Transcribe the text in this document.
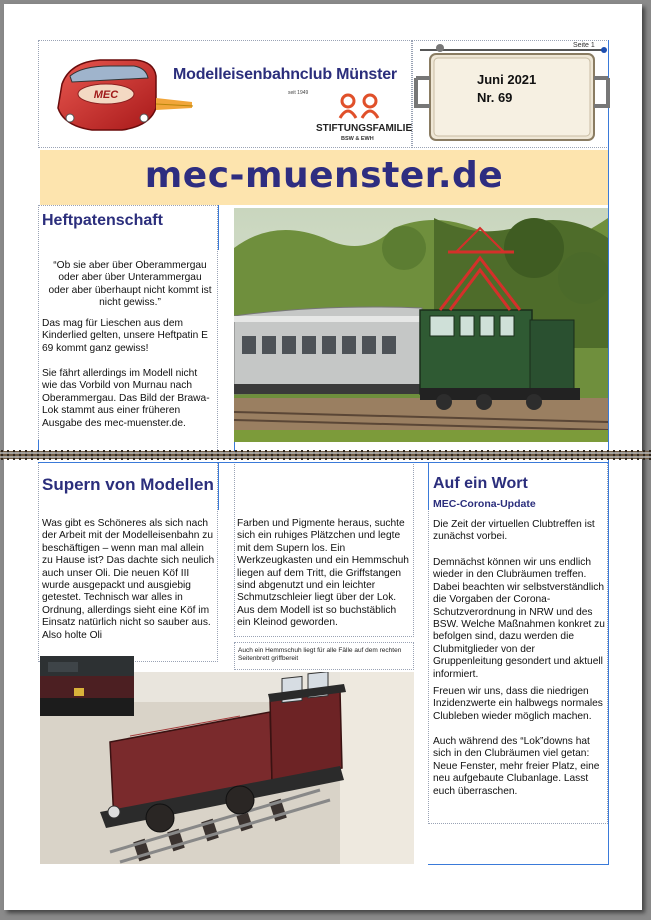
MEC
Modelleisenbahnclub Münster
seit 1949
STIFTUNGSFAMILIE
BSW & EWH
Seite 1
Juni 2021
Nr. 69
mec-muenster.de
Heftpatenschaft
“Ob sie aber über Oberammergau oder aber über Unterammergau oder aber überhaupt nicht kommt ist nicht gewiss.”
Das mag für Lieschen aus dem Kinderlied gelten, unsere Heftpatin E 69 kommt ganz gewiss!
Sie fährt allerdings im Modell nicht wie das Vorbild von Murnau nach Oberammergau. Das Bild der Brawa-Lok stammt aus einer früheren Ausgabe des mec-muenster.de.
Supern von Modellen
Was gibt es Schöneres als sich nach der Arbeit mit der Modelleisenbahn zu beschäftigen – wenn man mal allein zu Hause ist? Das dachte sich neulich auch unser Oli. Die neuen Köf III wurde ausgepackt und ausgiebig getestet. Technisch war alles in Ordnung, allerdings sieht eine Köf im Einsatz natürlich nicht so sauber aus. Also holte Oli
Farben und Pigmente heraus, suchte sich ein ruhiges Plätzchen und legte mit dem Supern los. Ein Werkzeugkasten und ein Hemmschuh liegen auf dem Tritt, die Griffstangen sind abgenutzt und ein leichter Schmutzschleier liegt über der Lok. Aus dem Modell ist so buchstäblich ein Kleinod geworden.
Auch ein Hemmschuh liegt für alle Fälle auf dem rechten Seitenbrett griffbereit
Auf ein Wort
MEC-Corona-Update
Die Zeit der virtuellen Clubtreffen ist zunächst vorbei.
Demnächst können wir uns endlich wieder in den Clubräumen treffen. Dabei beachten wir selbstverständlich die Vorgaben der Corona-Schutzverordnung in NRW und des BSW. Welche Maßnahmen konkret zu befolgen sind, dazu werden die Clubmitglieder von der Gruppenleitung gesondert und aktuell informiert.
Freuen wir uns, dass die niedrigen Inzidenzwerte ein halbwegs normales Clubleben wieder möglich machen.
Auch während des “Lok”downs hat sich in den Clubräumen viel getan: Neue Fenster, mehr freier Platz, eine neu aufgebaute Clubanlage. Lasst euch überraschen.
